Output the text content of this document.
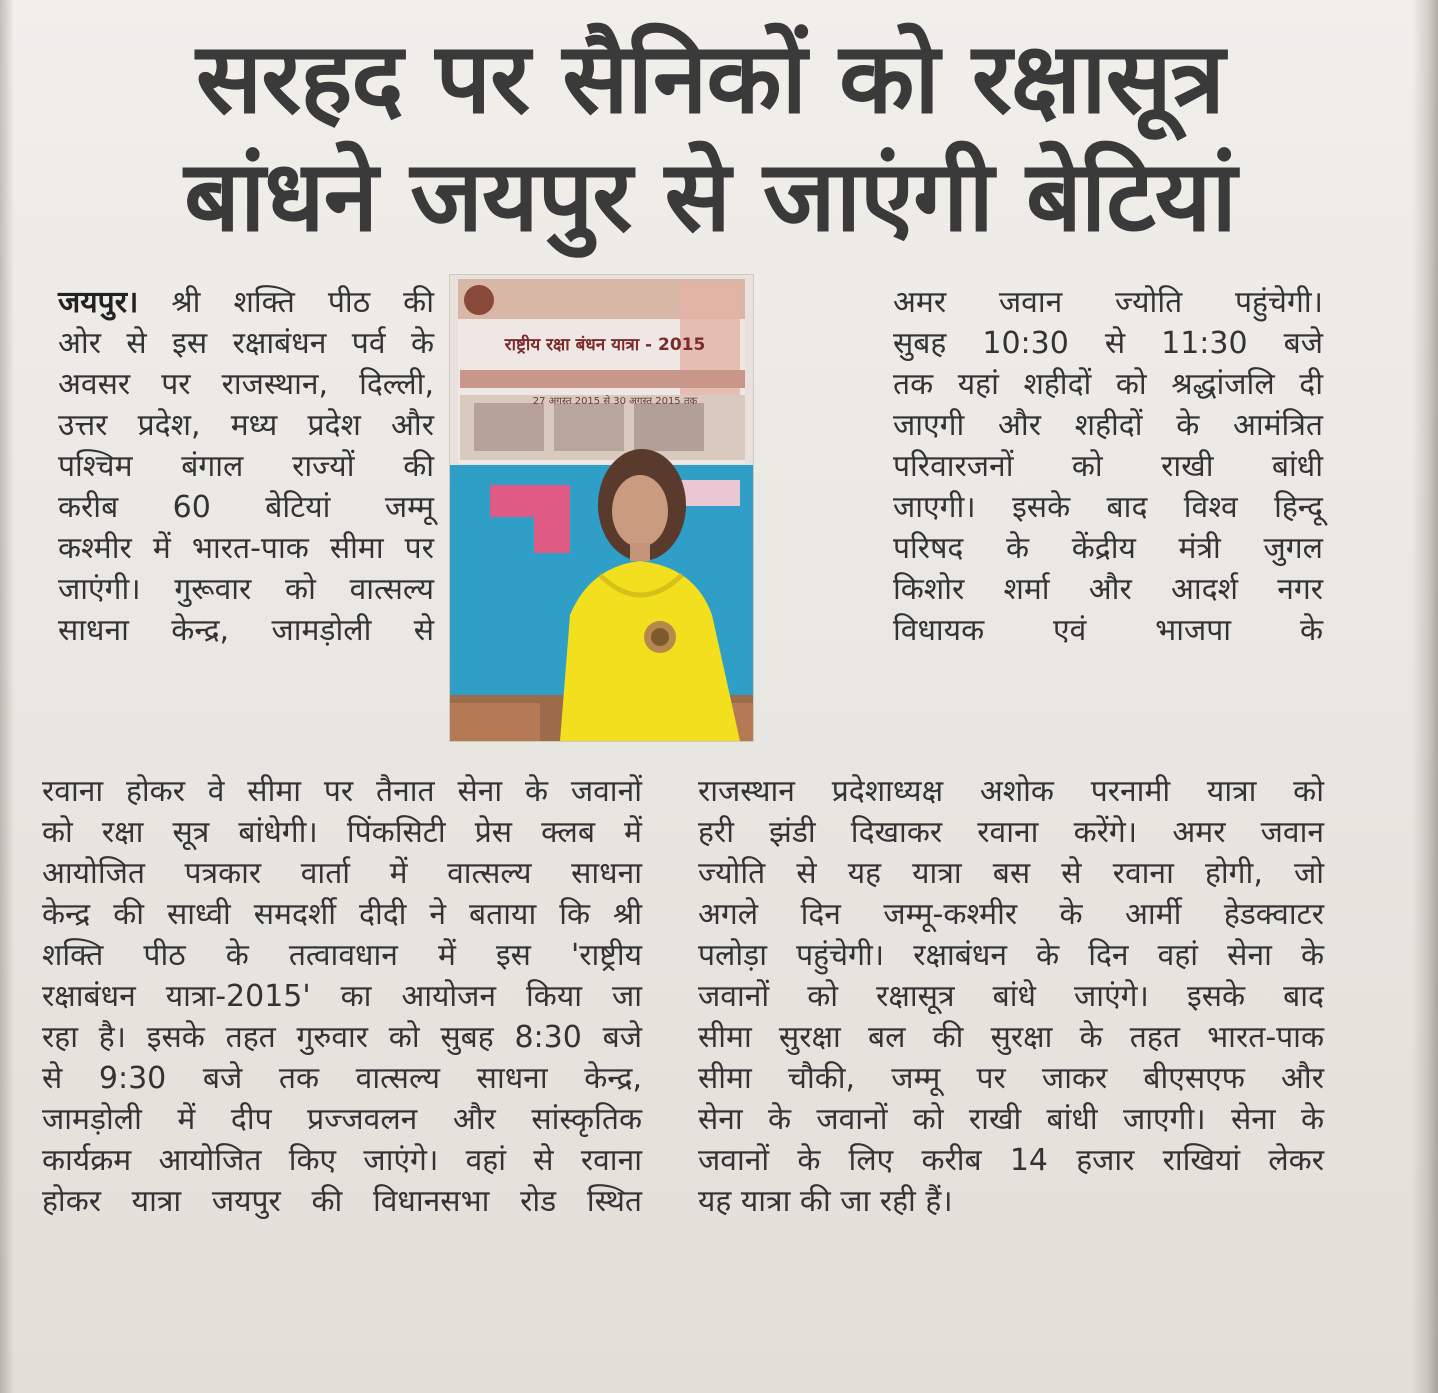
सरहद पर सैनिकों को रक्षासूत्र
बांधने जयपुर से जाएंगी बेटियां
जयपुर। श्री शक्ति पीठ की
ओर से इस रक्षाबंधन पर्व के
अवसर पर राजस्थान, दिल्ली,
उत्तर प्रदेश, मध्य प्रदेश और
पश्चिम बंगाल राज्यों की
करीब 60 बेटियां जम्मू
कश्मीर में भारत-पाक सीमा पर
जाएंगी। गुरूवार को वात्सल्य
साधना केन्द्र, जामड़ोली से
राष्ट्रीय रक्षा बंधन यात्रा - 2015
27 अगस्त 2015 से 30 अगस्त 2015 तक
अमर जवान ज्योति पहुंचेगी।
सुबह 10:30 से 11:30 बजे
तक यहां शहीदों को श्रद्धांजलि दी
जाएगी और शहीदों के आमंत्रित
परिवारजनों को राखी बांधी
जाएगी। इसके बाद विश्व हिन्दू
परिषद के केंद्रीय मंत्री जुगल
किशोर शर्मा और आदर्श नगर
विधायक एवं भाजपा के
रवाना होकर वे सीमा पर तैनात सेना के जवानों
को रक्षा सूत्र बांधेगी। पिंकसिटी प्रेस क्लब में
आयोजित पत्रकार वार्ता में वात्सल्य साधना
केन्द्र की साध्वी समदर्शी दीदी ने बताया कि श्री
शक्ति पीठ के तत्वावधान में इस 'राष्ट्रीय
रक्षाबंधन यात्रा-2015' का आयोजन किया जा
रहा है। इसके तहत गुरुवार को सुबह 8:30 बजे
से 9:30 बजे तक वात्सल्य साधना केन्द्र,
जामड़ोली में दीप प्रज्जवलन और सांस्कृतिक
कार्यक्रम आयोजित किए जाएंगे। वहां से रवाना
होकर यात्रा जयपुर की विधानसभा रोड स्थित
राजस्थान प्रदेशाध्यक्ष अशोक परनामी यात्रा को
हरी झंडी दिखाकर रवाना करेंगे। अमर जवान
ज्योति से यह यात्रा बस से रवाना होगी, जो
अगले दिन जम्मू-कश्मीर के आर्मी हेडक्वाटर
पलोड़ा पहुंचेगी। रक्षाबंधन के दिन वहां सेना के
जवानों को रक्षासूत्र बांधे जाएंगे। इसके बाद
सीमा सुरक्षा बल की सुरक्षा के तहत भारत-पाक
सीमा चौकी, जम्मू पर जाकर बीएसएफ और
सेना के जवानों को राखी बांधी जाएगी। सेना के
जवानों के लिए करीब 14 हजार राखियां लेकर
यह यात्रा की जा रही हैं।
